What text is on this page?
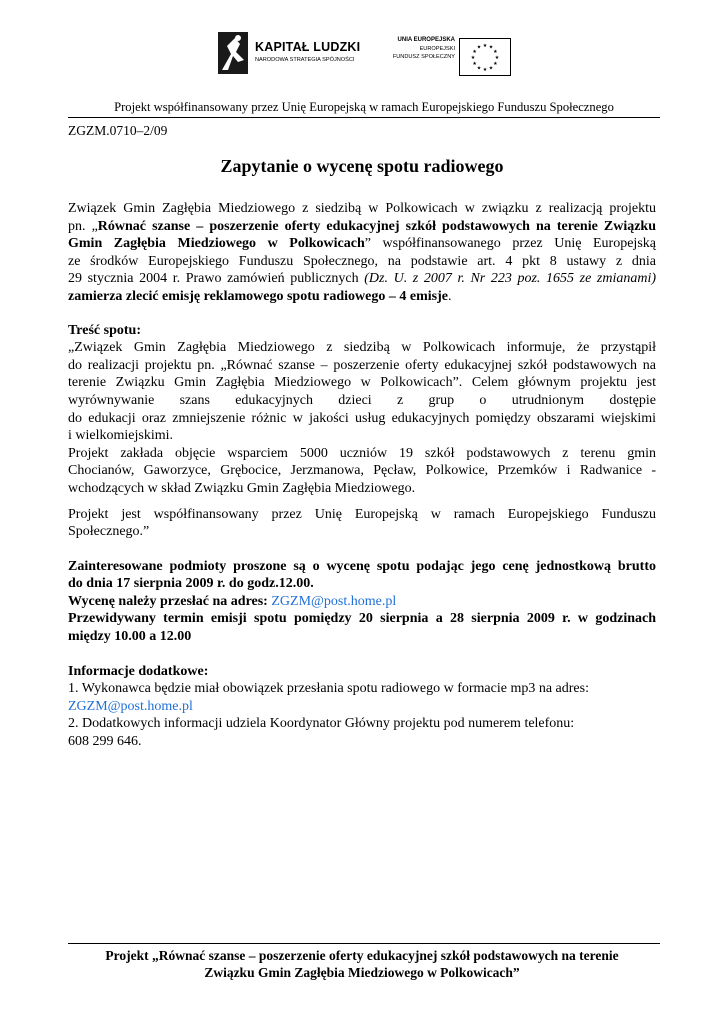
KAPITAŁ LUDZKI
NARODOWA STRATEGIA SPÓJNOŚCI
UNIA EUROPEJSKA
EUROPEJSKI
FUNDUSZ SPOŁECZNY
★ ★
★
★
★
★
★
★
★
★
★
★
Projekt współfinansowany przez Unię Europejską w ramach Europejskiego Funduszu Społecznego
ZGZM.0710–2/09
Zapytanie o wycenę spotu radiowego

Związek Gmin Zagłębia Miedziowego z siedzibą w Polkowicach w związku z realizacją projektu

pn. „Równać szanse – poszerzenie oferty edukacyjnej szkół podstawowych na terenie Związku

Gmin Zagłębia Miedziowego w Polkowicach” współfinansowanego przez Unię Europejską

ze środków Europejskiego Funduszu Społecznego, na podstawie art. 4 pkt 8 ustawy z dnia

29 stycznia 2004 r. Prawo zamówień publicznych (Dz. U. z 2007 r. Nr 223 poz. 1655 ze zmianami)

zamierza zlecić emisję reklamowego spotu radiowego – 4 emisje.

Treść spotu:

„Związek Gmin Zagłębia Miedziowego z siedzibą w Polkowicach informuje, że przystąpił

do realizacji projektu pn. „Równać szanse – poszerzenie oferty edukacyjnej szkół podstawowych na

terenie Związku Gmin Zagłębia Miedziowego w Polkowicach”. Celem głównym projektu jest

wyrównywanie szans edukacyjnych dzieci z grup o utrudnionym dostępie

do edukacji oraz zmniejszenie różnic w jakości usług edukacyjnych pomiędzy obszarami wiejskimi

i wielkomiejskimi.

Projekt zakłada objęcie wsparciem 5000 uczniów 19 szkół podstawowych z terenu gmin

Chocianów, Gaworzyce, Grębocice, Jerzmanowa, Pęcław, Polkowice, Przemków i Radwanice -

wchodzących w skład Związku Gmin Zagłębia Miedziowego.

Projekt jest współfinansowany przez Unię Europejską w ramach Europejskiego Funduszu

Społecznego.”

Zainteresowane podmioty proszone są o wycenę spotu podając jego cenę jednostkową brutto

do dnia 17 sierpnia 2009 r. do godz.12.00.

Wycenę należy przesłać na adres: ZGZM@post.home.pl

Przewidywany termin emisji spotu pomiędzy 20 sierpnia a 28 sierpnia 2009 r. w godzinach

między 10.00 a 12.00

Informacje dodatkowe:

1. Wykonawca będzie miał obowiązek przesłania spotu radiowego w formacie mp3 na adres:

ZGZM@post.home.pl

2. Dodatkowych informacji udziela Koordynator Główny projektu pod numerem telefonu:

608 299 646.

Projekt „Równać szanse – poszerzenie oferty edukacyjnej szkół podstawowych na terenie

Związku Gmin Zagłębia Miedziowego w Polkowicach”
